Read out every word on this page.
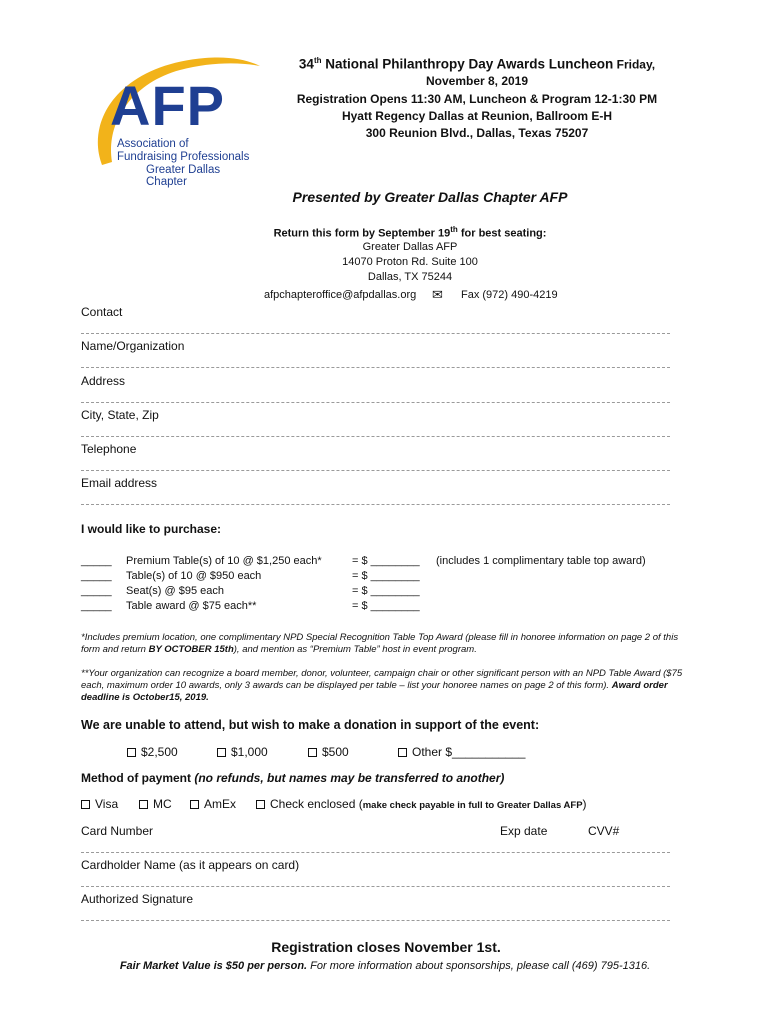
AFP
Association of
Fundraising Professionals
Greater Dallas Chapter
34th National Philanthropy Day Awards Luncheon Friday,
November 8, 2019
Registration Opens 11:30 AM, Luncheon & Program 12-1:30 PM
Hyatt Regency Dallas at Reunion, Ballroom E-H
300 Reunion Blvd., Dallas, Texas 75207
Presented by Greater Dallas Chapter AFP
Return this form by September 19th for best seating:
Greater Dallas AFP
14070 Proton Rd. Suite 100
Dallas, TX 75244
afpchapteroffice@afpdallas.org ✉ Fax (972) 490-4219
Contact
Name/Organization
Address
City, State, Zip
Telephone
Email address
I would like to purchase:
_____ Premium Table(s) of 10 @ $1,250 each*	= $ ________ (includes 1 complimentary table top award)
_____ Table(s) of 10 @ $950 each	= $ ________
_____ Seat(s) @ $95 each	= $ ________
_____ Table award @ $75 each**	= $ ________
*Includes premium location, one complimentary NPD Special Recognition Table Top Award (please fill in honoree information on page 2 of this form and return BY OCTOBER 15th), and mention as “Premium Table” host in event program.
**Your organization can recognize a board member, donor, volunteer, campaign chair or other significant person with an NPD Table Award ($75 each, maximum order 10 awards, only 3 awards can be displayed per table – list your honoree names on page 2 of this form). Award order deadline is October15, 2019.
We are unable to attend, but wish to make a donation in support of the event:
$2,500	$1,000	$500	Other $___________
Method of payment (no refunds, but names may be transferred to another)
Visa	MC	AmEx	Check enclosed (make check payable in full to Greater Dallas AFP)
Card Number	Exp date	CVV#
Cardholder Name (as it appears on card)
Authorized Signature
Registration closes November 1st.
Fair Market Value is $50 per person. For more information about sponsorships, please call (469) 795-1316.
